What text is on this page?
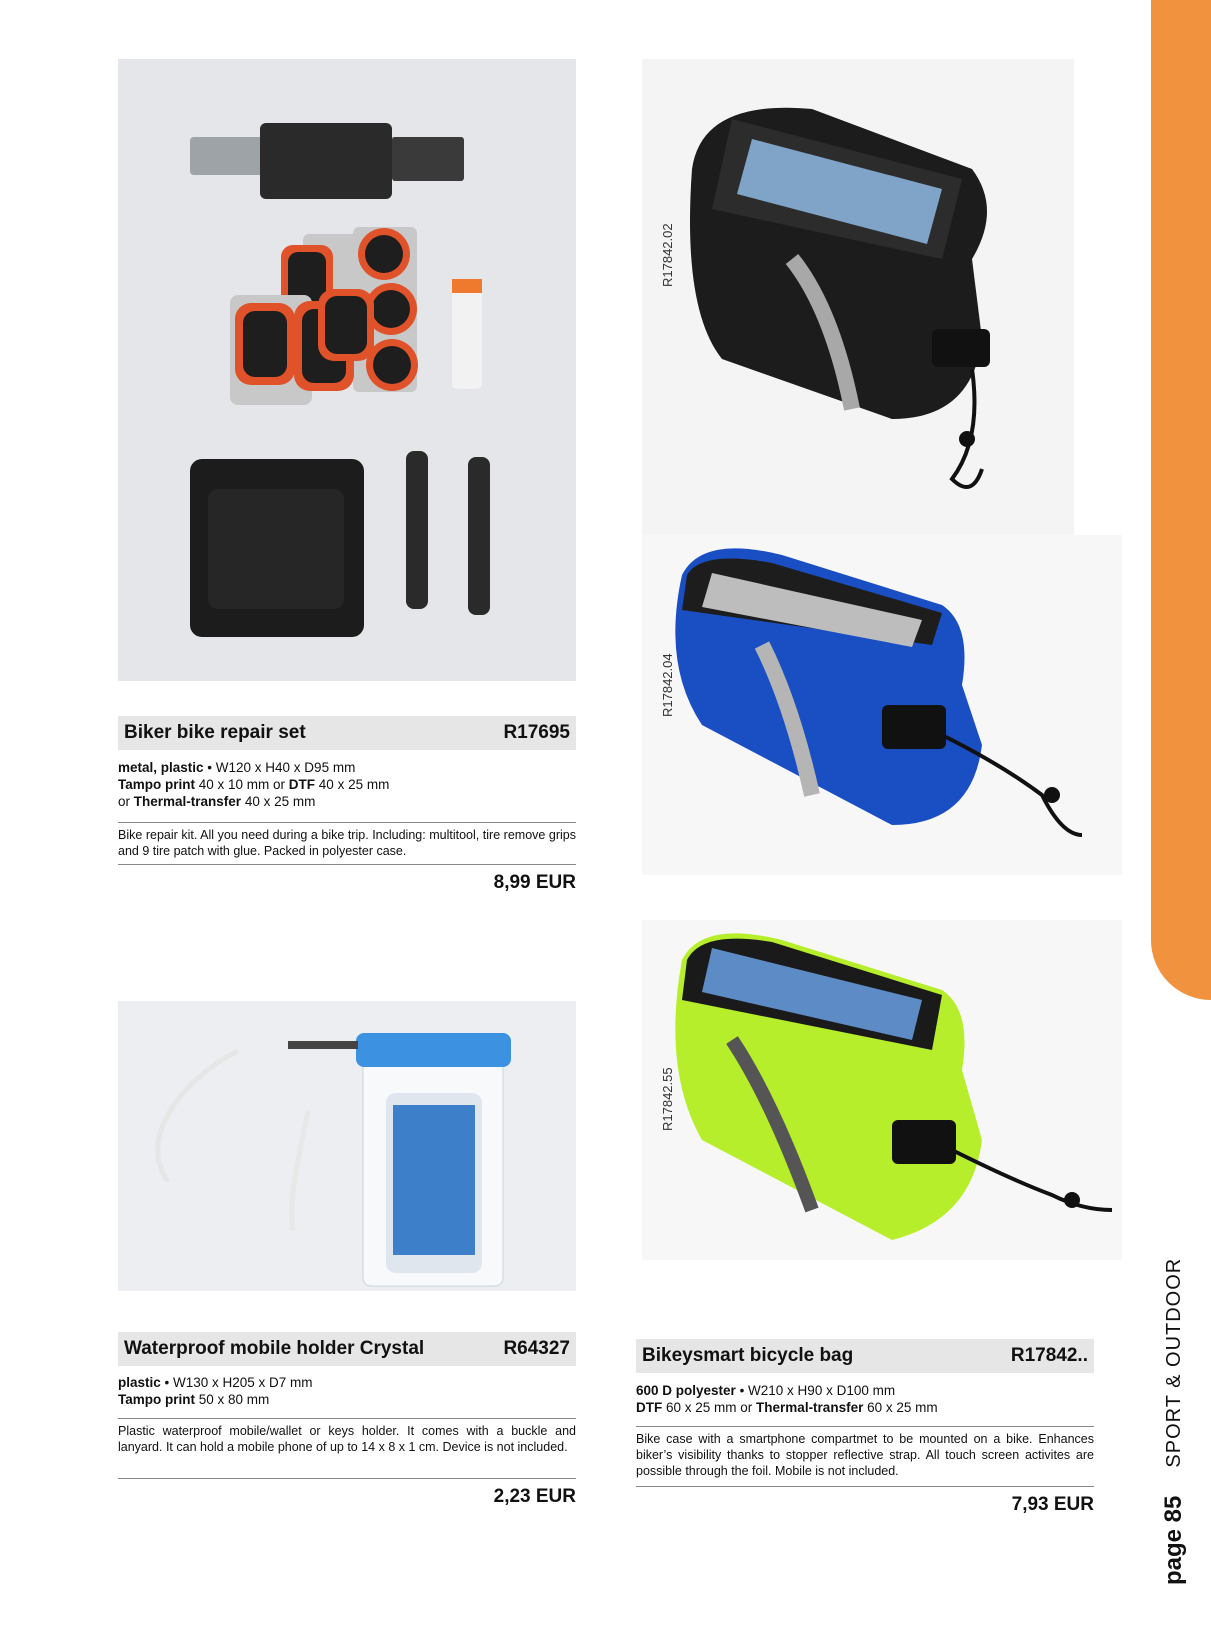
page 85
SPORT & OUTDOOR
R17842.02
R17842.04
R17842.55
Biker bike repair set	R17695
metal, plastic • W120 x H40 x D95 mm
Tampo print 40 x 10 mm or DTF 40 x 25 mm
or Thermal-transfer 40 x 25 mm
Bike repair kit. All you need during a bike trip. Including: multitool, tire remove grips and 9 tire patch with glue. Packed in polyester case.
8,99 EUR
Waterproof mobile holder Crystal	R64327
plastic • W130 x H205 x D7 mm
Tampo print 50 x 80 mm
Plastic waterproof mobile/wallet or keys holder. It comes with a buckle and lanyard. It can hold a mobile phone of up to 14 x 8 x 1 cm. Device is not included.
2,23 EUR
Bikeysmart bicycle bag	R17842..
600 D polyester • W210 x H90 x D100 mm
DTF 60 x 25 mm or Thermal-transfer 60 x 25 mm
Bike case with a smartphone compartmet to be mounted on a bike. Enhances biker’s visibility thanks to stopper reflective strap. All touch screen activites are possible through the foil. Mobile is not included.
7,93 EUR
